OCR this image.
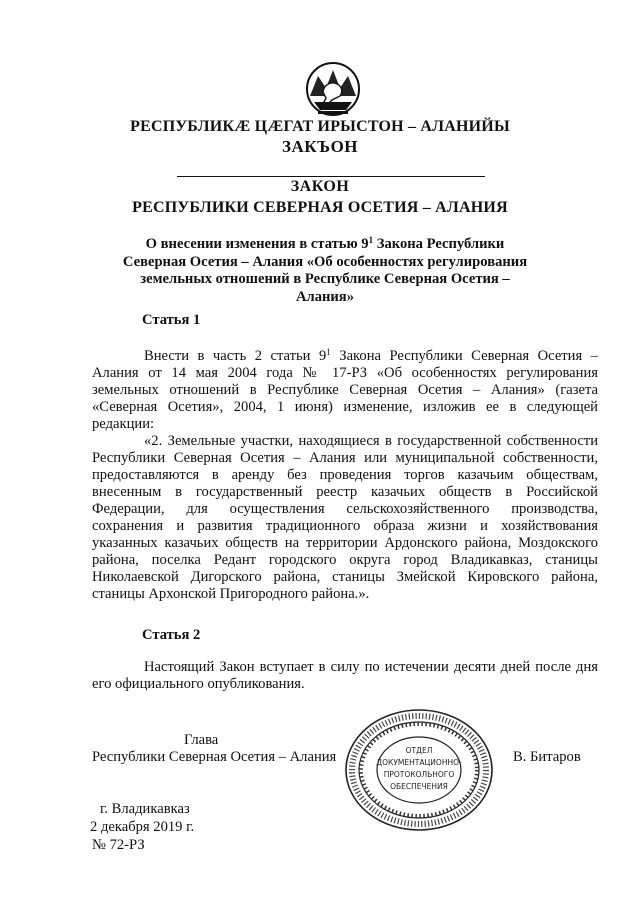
РЕСПУБЛИКÆ ЦÆГАТ ИРЫСТОН – АЛАНИЙЫ
ЗАКЪОН
ЗАКОН
РЕСПУБЛИКИ СЕВЕРНАЯ ОСЕТИЯ – АЛАНИЯ
О внесении изменения в статью $9^1$ Закона Республики Северная Осетия – Алания «Об особенностях регулирования земельных отношений в Республике Северная Осетия – Алания»
Статья 1

Внести в часть 2 статьи $9^1$ Закона Республики Северная Осетия – Алания от 14 мая 2004 года № 17-РЗ «Об особенностях регулирования земельных отношений в Республике Северная Осетия – Алания» (газета «Северная Осетия», 2004, 1 июня) изменение, изложив ее в следующей редакции:

«2. Земельные участки, находящиеся в государственной собственности Республики Северная Осетия – Алания или муниципальной собственности, предоставляются в аренду без проведения торгов казачьим обществам, внесенным в государственный реестр казачьих обществ в Российской Федерации, для осуществления сельскохозяйственного производства, сохранения и развития традиционного образа жизни и хозяйствования указанных казачьих обществ на территории Ардонского района, Моздокского района, поселка Редант городского округа город Владикавказ, станицы Николаевской Дигорского района, станицы Змейской Кировского района, станицы Архонской Пригородного района.».

Статья 2

Настоящий Закон вступает в силу по истечении десяти дней после дня его официального опубликования.

Глава
Республики Северная Осетия – Алания	В. Битаров
ОТДЕЛ
ДОКУМЕНТАЦИОННО-
ПРОТОКОЛЬНОГО
ОБЕСПЕЧЕНИЯ
г. Владикавказ
2 декабря 2019 г.
№ 72-РЗ
